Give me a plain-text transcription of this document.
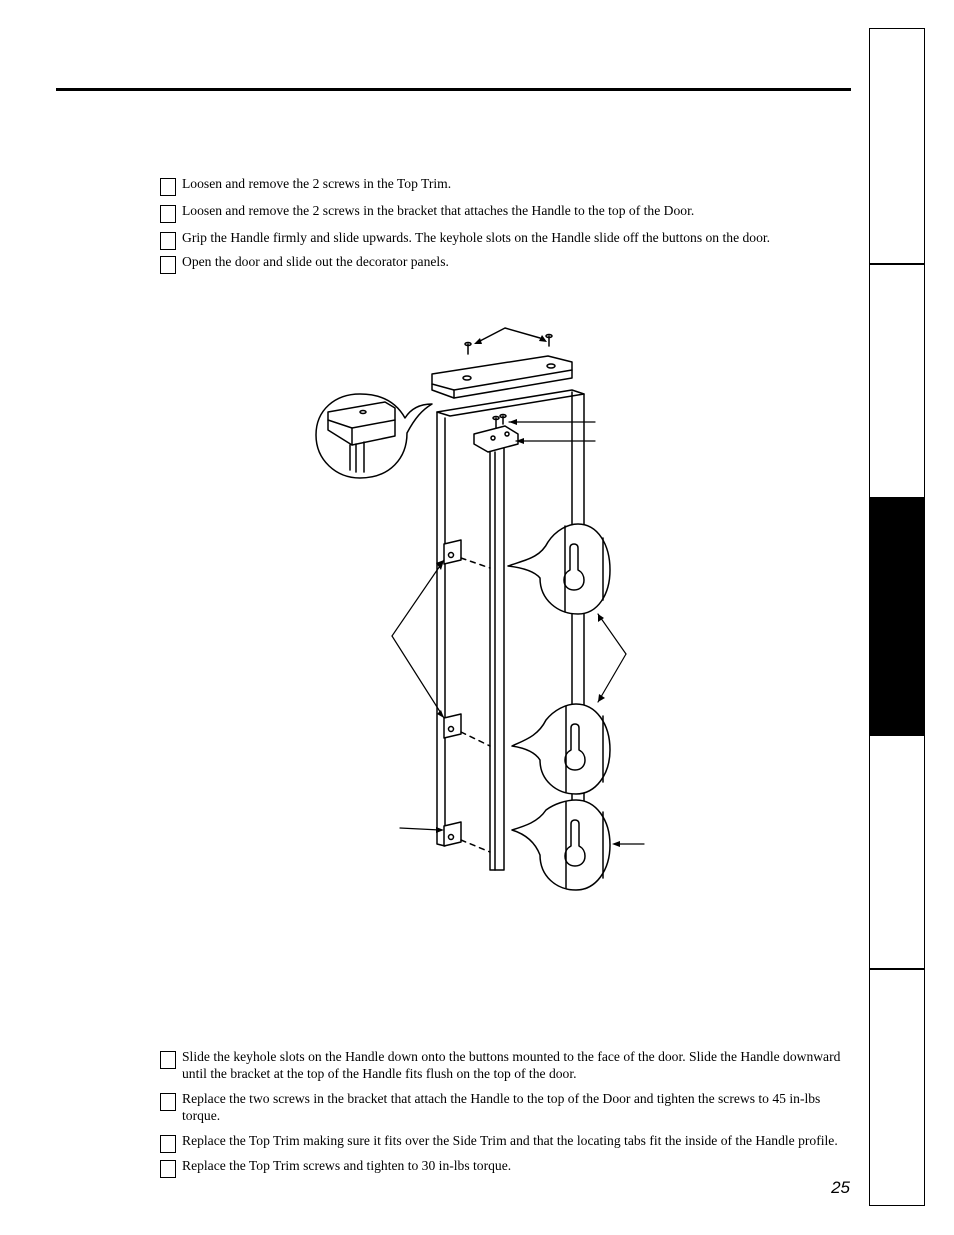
Loosen and remove the 2 screws in the Top Trim.
Loosen and remove the 2 screws in the bracket that attaches the Handle to the top of the Door.
Grip the Handle firmly and slide upwards. The keyhole slots on the Handle slide off the buttons on the door.
Open the door and slide out the decorator panels.
Slide the keyhole slots on the Handle down onto the buttons mounted to the face of the door. Slide the Handle downward until the bracket at the top of the Handle fits flush on the top of the door.
Replace the two screws in the bracket that attach the Handle to the top of the Door and tighten the screws to 45 in-lbs torque.
Replace the Top Trim making sure it fits over the Side Trim and that the locating tabs fit the inside of the Handle profile.
Replace the Top Trim screws and tighten to 30 in-lbs torque.
25
